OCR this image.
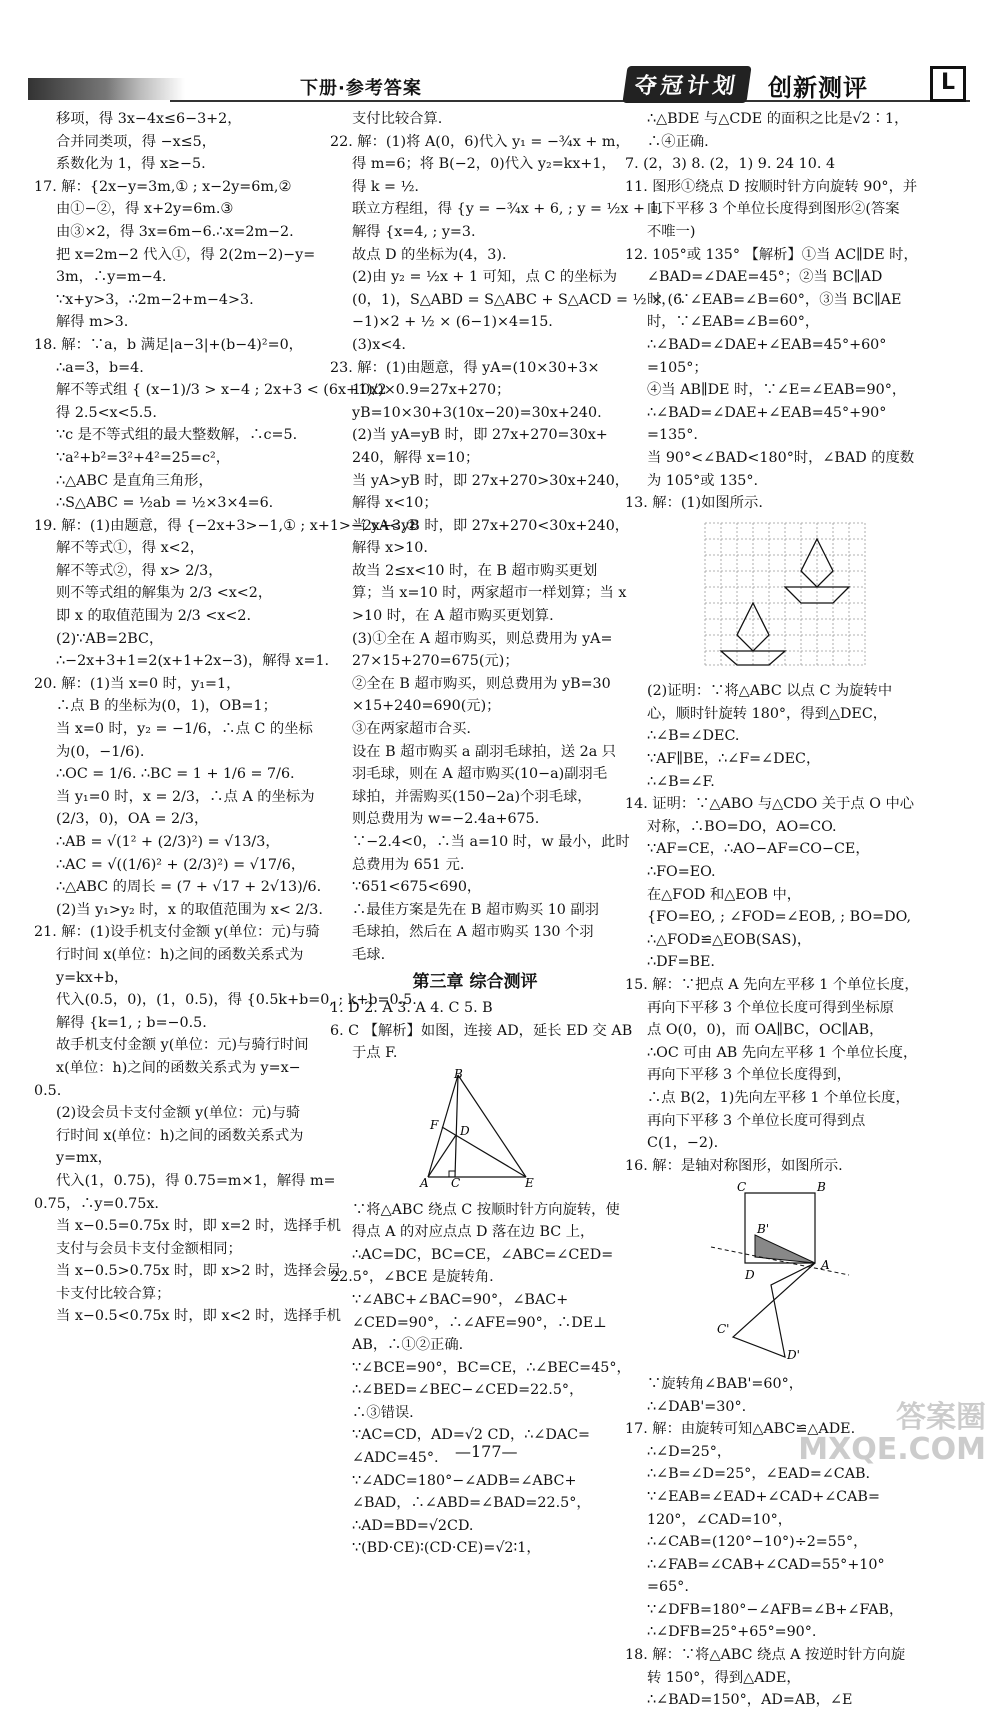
下册·参考答案	夺冠计划	创新测评	L
移项，得 3x−4x≤6−3+2，
合并同类项，得 −x≤5，
系数化为 1，得 x≥−5.
17. 解：{2x−y=3m,① ; x−2y=6m,②
由①−②，得 x+2y=6m.③
由③×2，得 3x=6m−6.∴x=2m−2.
把 x=2m−2 代入①，得 2(2m−2)−y=
3m，∴y=m−4.
∵x+y>3，∴2m−2+m−4>3.
解得 m>3.
18. 解：∵a，b 满足|a−3|+(b−4)²=0，
∴a=3，b=4.
解不等式组 { (x−1)/3 > x−4 ; 2x+3 < (6x+1)/2
得 2.5<x<5.5.
∵c 是不等式组的最大整数解，∴c=5.
∵a²+b²=3²+4²=25=c²，
∴△ABC 是直角三角形，
∴S△ABC = ½ab = ½×3×4=6.
19. 解：(1)由题意，得 {−2x+3>−1,① ; x+1>−2x+3,②
解不等式①，得 x<2，
解不等式②，得 x> 2/3，
则不等式组的解集为 2/3 <x<2，
即 x 的取值范围为 2/3 <x<2.
(2)∵AB=2BC，
∴−2x+3+1=2(x+1+2x−3)，解得 x=1.
20. 解：(1)当 x=0 时，y₁=1，
∴点 B 的坐标为(0，1)，OB=1；
当 x=0 时，y₂ = −1/6，∴点 C 的坐标
为(0，−1/6).
∴OC = 1/6. ∴BC = 1 + 1/6 = 7/6.
当 y₁=0 时，x = 2/3，∴点 A 的坐标为
(2/3，0)，OA = 2/3，
∴AB = √(1² + (2/3)²) = √13/3，
∴AC = √((1/6)² + (2/3)²) = √17/6，
∴△ABC 的周长 = (7 + √17 + 2√13)/6.
(2)当 y₁>y₂ 时，x 的取值范围为 x< 2/3.
21. 解：(1)设手机支付金额 y(单位：元)与骑
行时间 x(单位：h)之间的函数关系式为
y=kx+b，
代入(0.5，0)，(1，0.5)，得 {0.5k+b=0, ; k+b=0.5.
解得 {k=1, ; b=−0.5.
故手机支付金额 y(单位：元)与骑行时间
x(单位：h)之间的函数关系式为 y=x−
0.5.
(2)设会员卡支付金额 y(单位：元)与骑
行时间 x(单位：h)之间的函数关系式为
y=mx，
代入(1，0.75)，得 0.75=m×1，解得 m=
0.75，∴y=0.75x.
当 x−0.5=0.75x 时，即 x=2 时，选择手机
支付与会员卡支付金额相同；
当 x−0.5>0.75x 时，即 x>2 时，选择会员
卡支付比较合算；
当 x−0.5<0.75x 时，即 x<2 时，选择手机
支付比较合算.
22. 解：(1)将 A(0，6)代入 y₁ = −¾x + m，
得 m=6；将 B(−2，0)代入 y₂=kx+1，
得 k = ½.
联立方程组，得 {y = −¾x + 6, ; y = ½x + 1.
解得 {x=4, ; y=3.
故点 D 的坐标为(4，3).
(2)由 y₂ = ½x + 1 可知，点 C 的坐标为
(0，1)，S△ABD = S△ABC + S△ACD = ½ × (6
−1)×2 + ½ × (6−1)×4=15.
(3)x<4.
23. 解：(1)由题意，得 yA=(10×30+3×
10x)×0.9=27x+270；
yB=10×30+3(10x−20)=30x+240.
(2)当 yA=yB 时，即 27x+270=30x+
240，解得 x=10；
当 yA>yB 时，即 27x+270>30x+240，
解得 x<10；
当 yA<yB 时，即 27x+270<30x+240，
解得 x>10.
故当 2≤x<10 时，在 B 超市购买更划
算；当 x=10 时，两家超市一样划算；当 x
>10 时，在 A 超市购买更划算.
(3)①全在 A 超市购买，则总费用为 yA=
27×15+270=675(元)；
②全在 B 超市购买，则总费用为 yB=30
×15+240=690(元)；
③在两家超市合买.
设在 B 超市购买 a 副羽毛球拍，送 2a 只
羽毛球，则在 A 超市购买(10−a)副羽毛
球拍，并需购买(150−2a)个羽毛球，
则总费用为 w=−2.4a+675.
∵−2.4<0，∴当 a=10 时，w 最小，此时
总费用为 651 元.
∵651<675<690，
∴最佳方案是先在 B 超市购买 10 副羽
毛球拍，然后在 A 超市购买 130 个羽
毛球.
第三章 综合测评
1. D 2. A 3. A 4. C 5. B
6. C 【解析】如图，连接 AD，延长 ED 交 AB
于点 F.
B
F D
A C	E
∵将△ABC 绕点 C 按顺时针方向旋转，使
得点 A 的对应点点 D 落在边 BC 上，
∴AC=DC，BC=CE，∠ABC=∠CED=
22.5°，∠BCE 是旋转角.
∵∠ABC+∠BAC=90°，∠BAC+
∠CED=90°，∴∠AFE=90°，∴DE⊥
AB，∴①②正确.
∵∠BCE=90°，BC=CE，∴∠BEC=45°，
∴∠BED=∠BEC−∠CED=22.5°，
∴③错误.
∵AC=CD，AD=√2 CD，∴∠DAC=
∠ADC=45°.
∵∠ADC=180°−∠ADB=∠ABC+
∠BAD，∴∠ABD=∠BAD=22.5°，
∴AD=BD=√2CD.
∵(BD·CE)∶(CD·CE)=√2∶1，
∴△BDE 与△CDE 的面积之比是√2∶1，
∴④正确.
7. (2，3) 8. (2，1) 9. 24 10. 4
11. 图形①绕点 D 按顺时针方向旋转 90°，并
向下平移 3 个单位长度得到图形②(答案
不唯一)
12. 105°或 135° 【解析】①当 AC∥DE 时，
∠BAD=∠DAE=45°；②当 BC∥AD
时，∵∠EAB=∠B=60°，③当 BC∥AE
时，∵∠EAB=∠B=60°，
∴∠BAD=∠DAE+∠EAB=45°+60°
=105°；
④当 AB∥DE 时，∵∠E=∠EAB=90°，
∴∠BAD=∠DAE+∠EAB=45°+90°
=135°.
当 90°<∠BAD<180°时，∠BAD 的度数
为 105°或 135°.
13. 解：(1)如图所示.
(2)证明：∵将△ABC 以点 C 为旋转中
心，顺时针旋转 180°，得到△DEC，
∴∠B=∠DEC.
∵AF∥BE，∴∠F=∠DEC，
∴∠B=∠F.
14. 证明：∵△ABO 与△CDO 关于点 O 中心
对称，∴BO=DO，AO=CO.
∵AF=CE，∴AO−AF=CO−CE，
∴FO=EO.
在△FOD 和△EOB 中，
{FO=EO, ; ∠FOD=∠EOB, ; BO=DO,
∴△FOD≌△EOB(SAS)，
∴DF=BE.
15. 解：∵把点 A 先向左平移 1 个单位长度，
再向下平移 3 个单位长度可得到坐标原
点 O(0，0)，而 OA∥BC，OC∥AB，
∴OC 可由 AB 先向左平移 1 个单位长度，
再向下平移 3 个单位长度得到，
∴点 B(2，1)先向左平移 1 个单位长度，
再向下平移 3 个单位长度可得到点
C(1，−2).
16. 解：是轴对称图形，如图所示.
C	B
B'
A
D
C'
D'
∵旋转角∠BAB'=60°，
∴∠DAB'=30°.
17. 解：由旋转可知△ABC≌△ADE.
∴∠D=25°，
∴∠B=∠D=25°，∠EAD=∠CAB.
∵∠EAB=∠EAD+∠CAD+∠CAB=
120°，∠CAD=10°，
∴∠CAB=(120°−10°)÷2=55°，
∴∠FAB=∠CAB+∠CAD=55°+10°
=65°.
∵∠DFB=180°−∠AFB=∠B+∠FAB，
∴∠DFB=25°+65°=90°.
18. 解：∵将△ABC 绕点 A 按逆时针方向旋
转 150°，得到△ADE，
∴∠BAD=150°，AD=AB，∠E
—177—
答案圈
MXQE.COM
